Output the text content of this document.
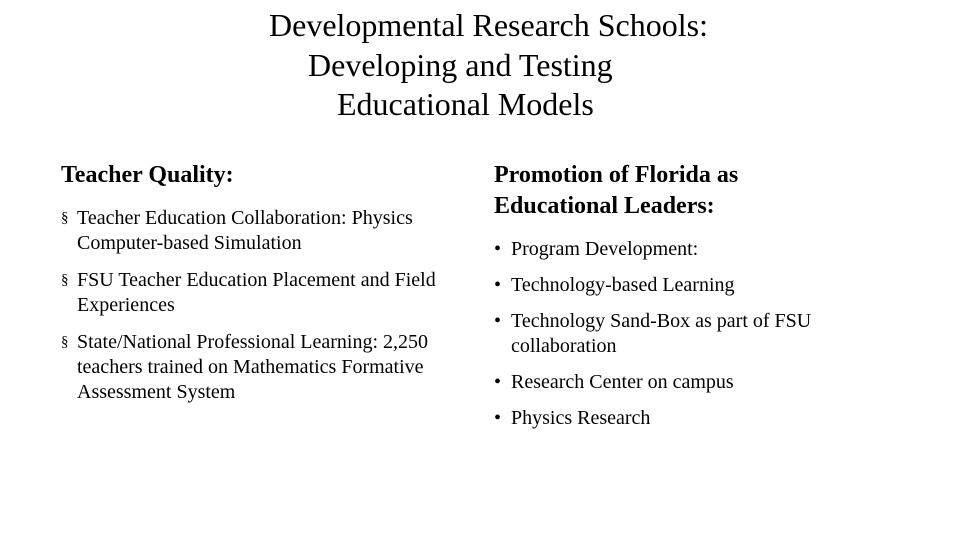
Developmental Research Schools:
Developing and Testing
Educational Models
Teacher Quality:
§ Teacher Education Collaboration: Physics Computer-based Simulation
§ FSU Teacher Education Placement and Field Experiences
§ State/National Professional Learning: 2,250 teachers trained on Mathematics Formative Assessment System
Promotion of Florida as Educational Leaders:
• Program Development:
• Technology-based Learning
• Technology Sand-Box as part of FSU collaboration
• Research Center on campus
• Physics Research
